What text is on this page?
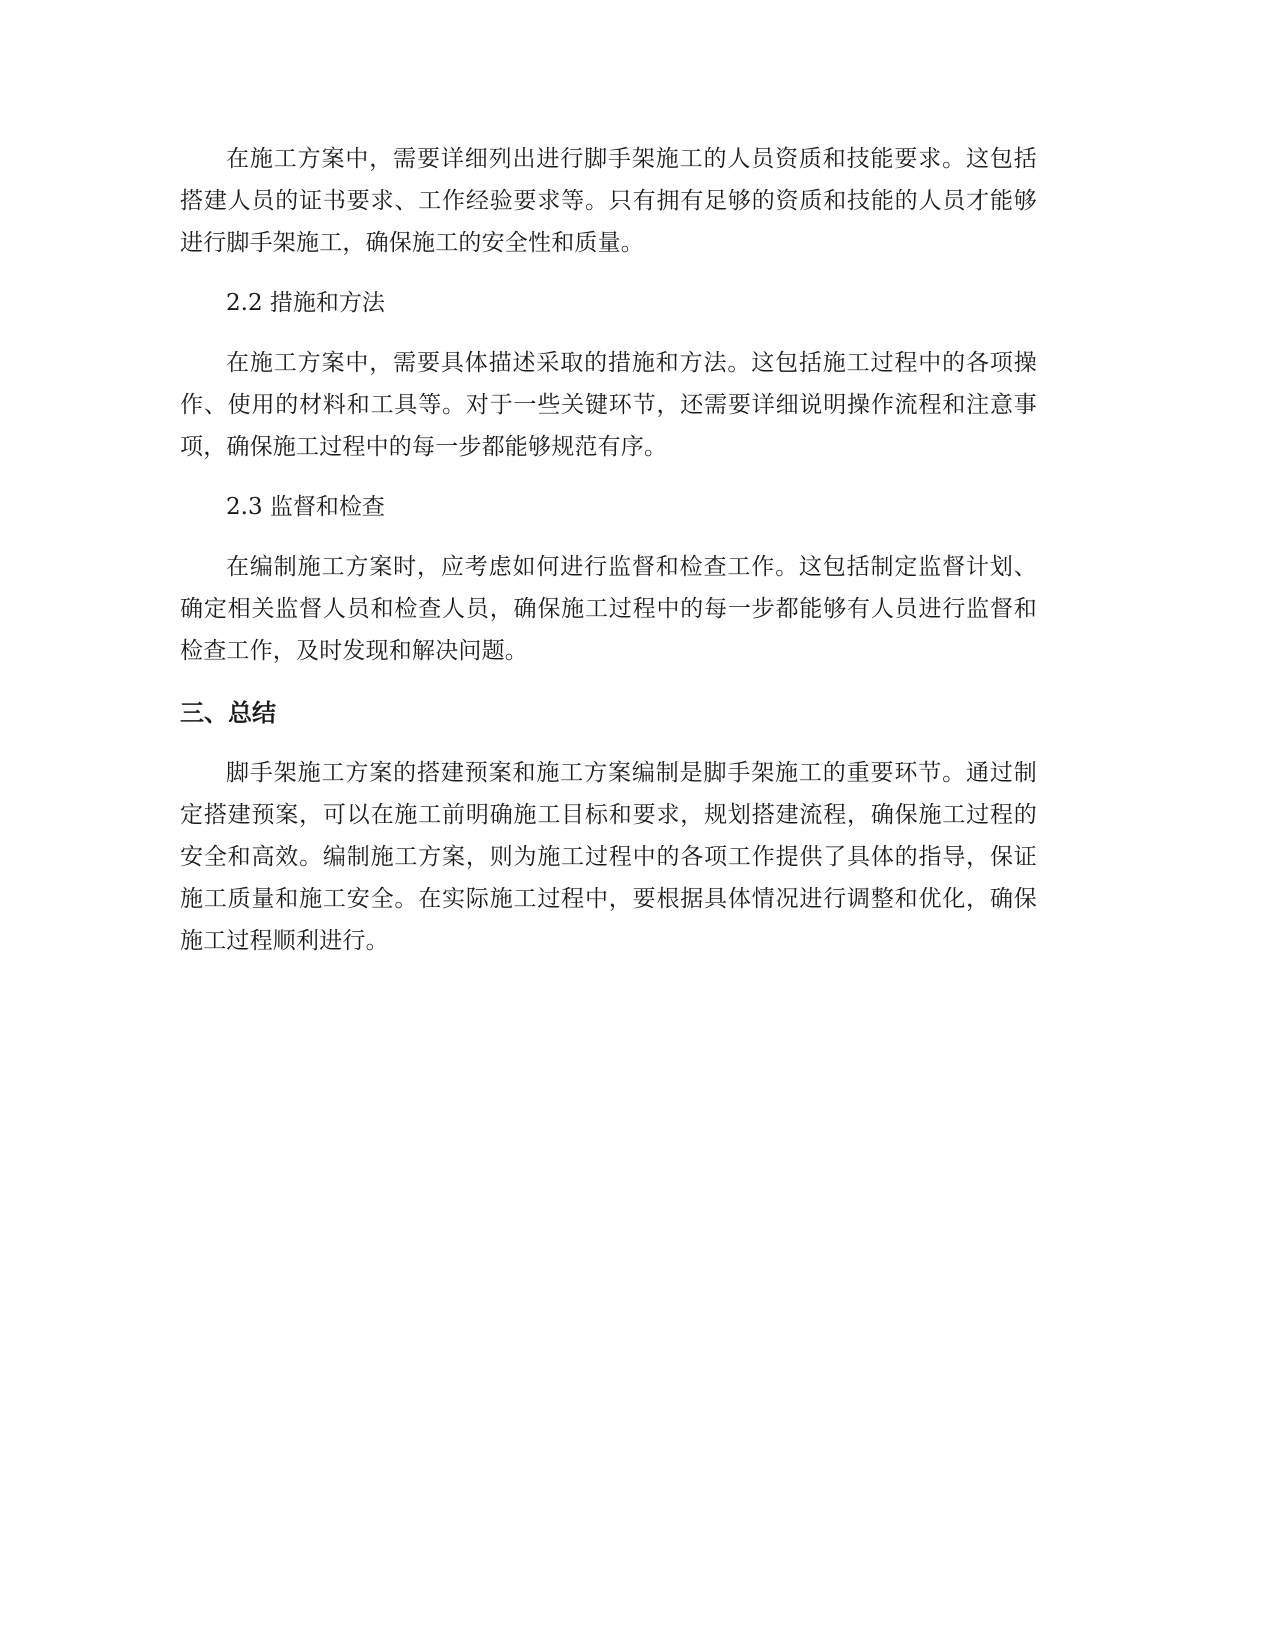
在施工方案中，需要详细列出进行脚手架施工的人员资质和技能要求。这包括搭建人员的证书要求、工作经验要求等。只有拥有足够的资质和技能的人员才能够进行脚手架施工，确保施工的安全性和质量。

2.2 措施和方法

在施工方案中，需要具体描述采取的措施和方法。这包括施工过程中的各项操作、使用的材料和工具等。对于一些关键环节，还需要详细说明操作流程和注意事项，确保施工过程中的每一步都能够规范有序。

2.3 监督和检查

在编制施工方案时，应考虑如何进行监督和检查工作。这包括制定监督计划、确定相关监督人员和检查人员，确保施工过程中的每一步都能够有人员进行监督和检查工作，及时发现和解决问题。

三、总结

脚手架施工方案的搭建预案和施工方案编制是脚手架施工的重要环节。通过制定搭建预案，可以在施工前明确施工目标和要求，规划搭建流程，确保施工过程的安全和高效。编制施工方案，则为施工过程中的各项工作提供了具体的指导，保证施工质量和施工安全。在实际施工过程中，要根据具体情况进行调整和优化，确保施工过程顺利进行。
